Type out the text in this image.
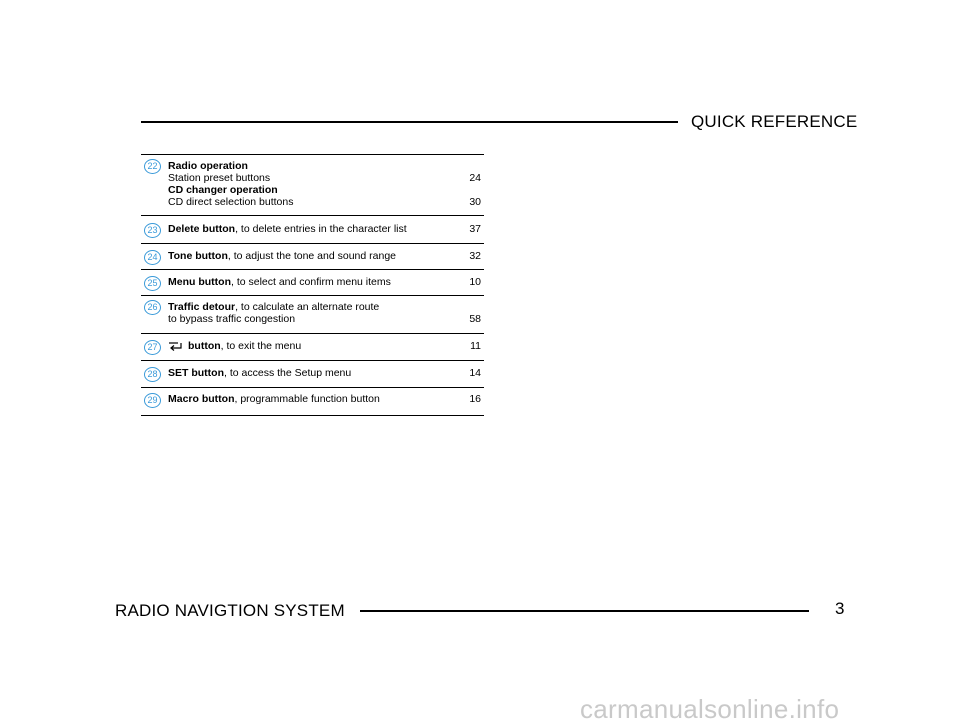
QUICK REFERENCE
22	Radio operation
Station preset buttons	24
CD changer operation
CD direct selection buttons	30
23	Delete button, to delete entries in the character list	37
24	Tone button, to adjust the tone and sound range	32
25	Menu button, to select and confirm menu items	10
26	Traffic detour, to calculate an alternate route
to bypass traffic congestion	58
27	button, to exit the menu	11
28	SET button, to access the Setup menu	14
29	Macro button, programmable function button	16
RADIO NAVIGTION SYSTEM	3
carmanualsonline.info
